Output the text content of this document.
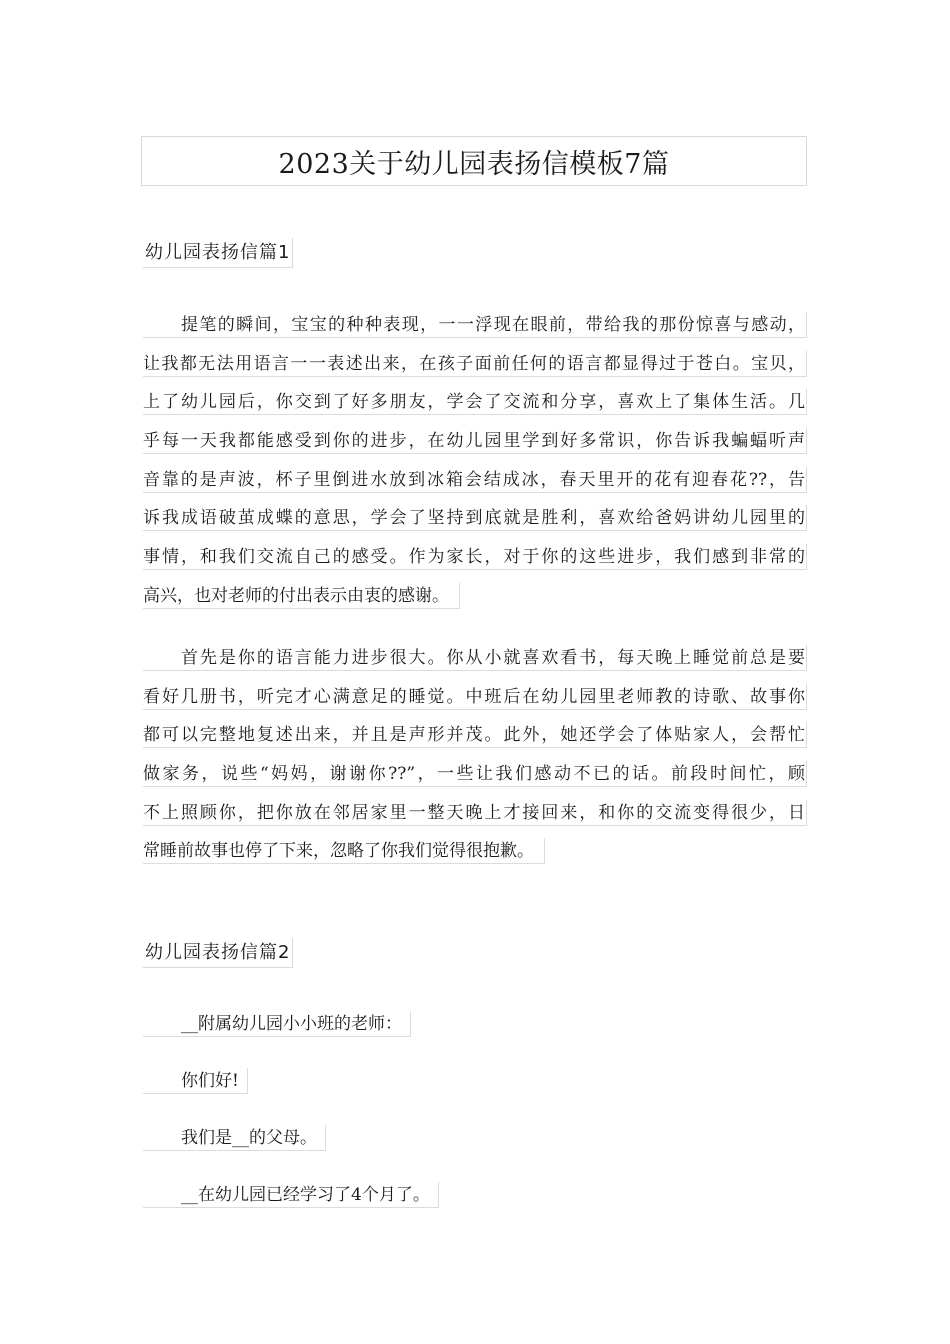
2023关于幼儿园表扬信模板7篇
幼儿园表扬信篇1
提笔的瞬间，宝宝的种种表现，一一浮现在眼前，带给我的那份惊喜与感动，
让我都无法用语言一一表述出来，在孩子面前任何的语言都显得过于苍白。宝贝，
上了幼儿园后，你交到了好多朋友，学会了交流和分享，喜欢上了集体生活。几
乎每一天我都能感受到你的进步，在幼儿园里学到好多常识，你告诉我蝙蝠听声
音靠的是声波，杯子里倒进水放到冰箱会结成冰，春天里开的花有迎春花??，告
诉我成语破茧成蝶的意思，学会了坚持到底就是胜利，喜欢给爸妈讲幼儿园里的
事情，和我们交流自己的感受。作为家长，对于你的这些进步，我们感到非常的
高兴，也对老师的付出表示由衷的感谢。
首先是你的语言能力进步很大。你从小就喜欢看书，每天晚上睡觉前总是要
看好几册书，听完才心满意足的睡觉。中班后在幼儿园里老师教的诗歌、故事你
都可以完整地复述出来，并且是声形并茂。此外，她还学会了体贴家人，会帮忙
做家务，说些“妈妈，谢谢你??”，一些让我们感动不已的话。前段时间忙，顾
不上照顾你，把你放在邻居家里一整天晚上才接回来，和你的交流变得很少，日
常睡前故事也停了下来，忽略了你我们觉得很抱歉。
幼儿园表扬信篇2
__附属幼儿园小小班的老师：
你们好!
我们是__的父母。
__在幼儿园已经学习了4个月了。
